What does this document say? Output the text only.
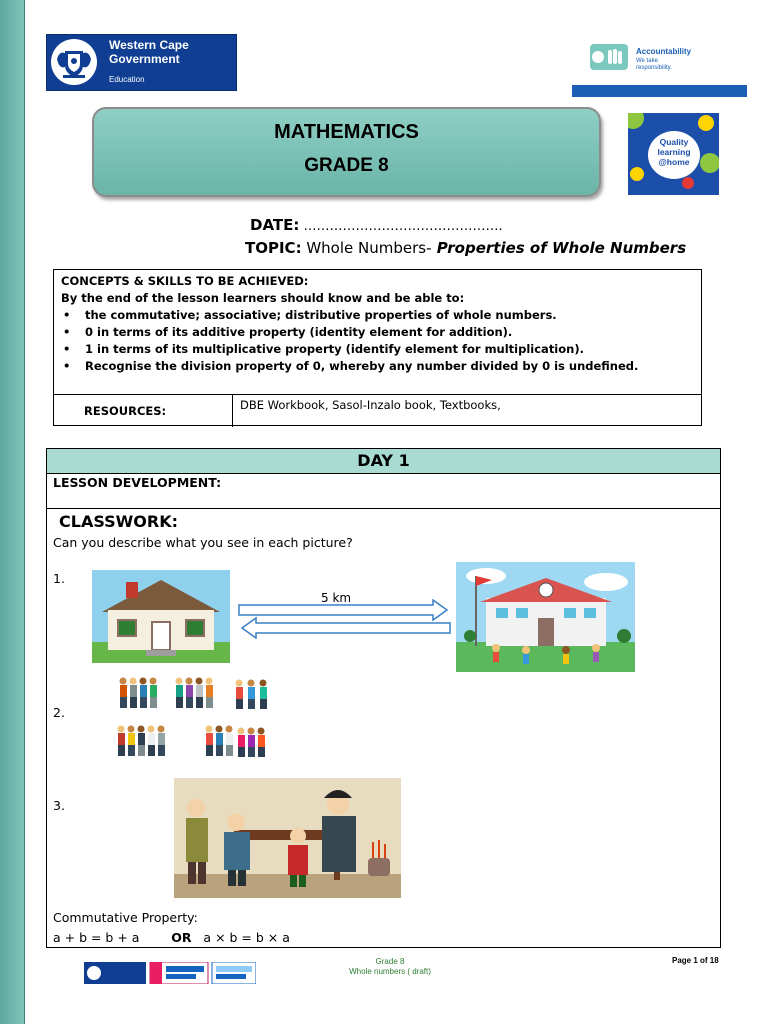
Western Cape
Government
Education
Accountability
We take
responsibility.
MATHEMATICS
GRADE 8
Quality
learning
@home
DATE: ……………………………………….
TOPIC: Whole Numbers- Properties of Whole Numbers
CONCEPTS & SKILLS TO BE ACHIEVED:
By the end of the lesson learners should know and be able to:
• the commutative; associative; distributive properties of whole numbers.
• 0 in terms of its additive property (identity element for addition).
• 1 in terms of its multiplicative property (identify element for multiplication).
• Recognise the division property of 0, whereby any number divided by 0 is undefined.
RESOURCES:	DBE Workbook, Sasol-Inzalo book, Textbooks,
DAY 1
LESSON DEVELOPMENT:
CLASSWORK:
Can you describe what you see in each picture?
1.
2.
3.
5 km
Commutative Property:
a + b = b + a        OR   a × b = b × a
Grade 8
Whole numbers ( draft)
Page 1 of 18
